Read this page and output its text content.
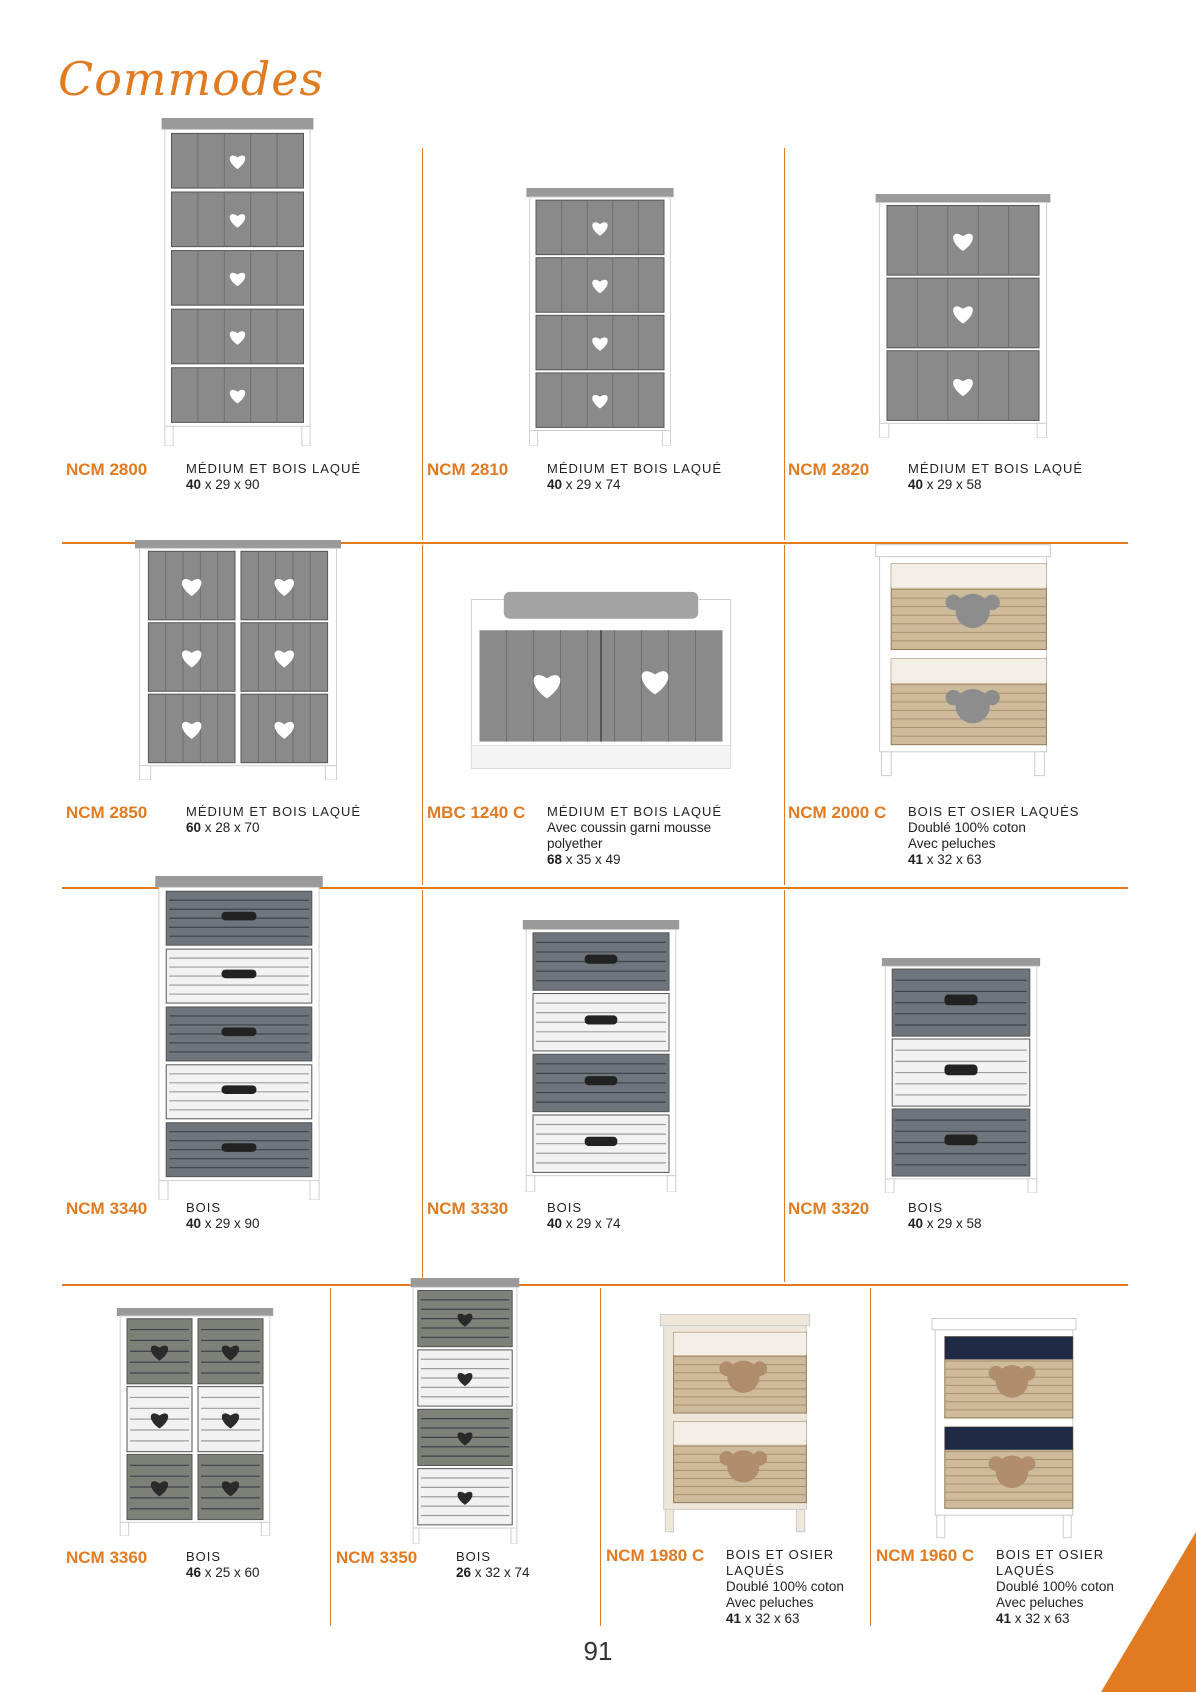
Commodes
NCM 2800	MÉDIUM ET BOIS LAQUÉ
40 x 29 x 90
NCM 2810	MÉDIUM ET BOIS LAQUÉ
40 x 29 x 74
NCM 2820	MÉDIUM ET BOIS LAQUÉ
40 x 29 x 58
NCM 2850	MÉDIUM ET BOIS LAQUÉ
60 x 28 x 70
MBC 1240 C MÉDIUM ET BOIS LAQUÉ
Avec coussin garni mousse
polyether
68 x 35 x 49
NCM 2000 C BOIS ET OSIER LAQUÉS
Doublé 100% coton
Avec peluches
41 x 32 x 63
NCM 3340	BOIS
40 x 29 x 90
NCM 3330	BOIS
40 x 29 x 74
NCM 3320	BOIS
40 x 29 x 58
NCM 3360	BOIS
46 x 25 x 60
NCM 3350	BOIS
26 x 32 x 74
NCM 1980 C BOIS ET OSIER
LAQUÉS
Doublé 100% coton
Avec peluches
41 x 32 x 63
NCM 1960 C BOIS ET OSIER
LAQUÉS
Doublé 100% coton
Avec peluches
41 x 32 x 63
91
